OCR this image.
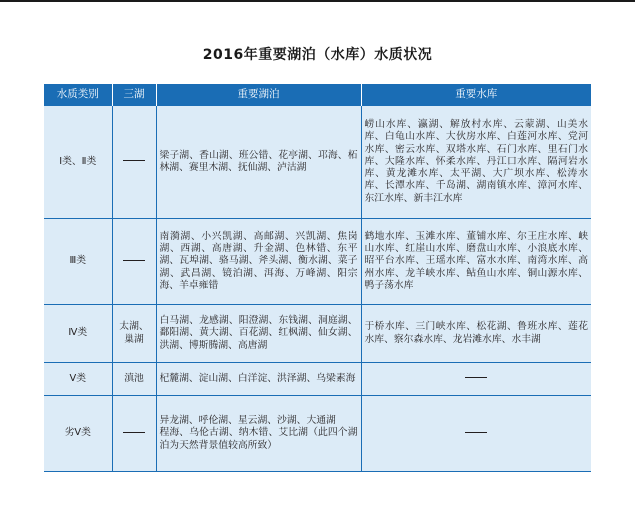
2016年重要湖泊（水库）水质状况
水质类别	三湖	重要湖泊	重要水库
Ⅰ类、Ⅱ类		梁子湖、香山湖、班公错、花亭湖、邛海、柘林湖、赛里木湖、抚仙湖、泸沽湖	崂山水库、瀛湖、解放村水库、云蒙湖、山美水库、白龟山水库、大伙房水库、白莲河水库、党河水库、密云水库、双塔水库、石门水库、里石门水库、大隆水库、怀柔水库、丹江口水库、隔河岩水库、黄龙滩水库、太平湖、大广坝水库、松涛水库、长潭水库、千岛湖、湖南镇水库、漳河水库、东江水库、新丰江水库
Ⅲ类		南漪湖、小兴凯湖、高邮湖、兴凯湖、焦岗湖、西湖、高唐湖、升金湖、色林错、东平湖、瓦埠湖、骆马湖、斧头湖、衡水湖、菜子湖、武昌湖、镜泊湖、洱海、万峰湖、阳宗海、羊卓雍错	鹤地水库、玉滩水库、董铺水库、尔王庄水库、峡山水库、红崖山水库、磨盘山水库、小浪底水库、昭平台水库、王瑶水库、富水水库、南湾水库、高州水库、龙羊峡水库、鲇鱼山水库、铜山源水库、鸭子荡水库
Ⅳ类	太湖、巢湖	白马湖、龙感湖、阳澄湖、东钱湖、洞庭湖、鄱阳湖、黄大湖、百花湖、红枫湖、仙女湖、洪湖、博斯腾湖、高唐湖	于桥水库、三门峡水库、松花湖、鲁班水库、莲花水库、察尔森水库、龙岩滩水库、水丰湖
Ⅴ类	滇池	杞麓湖、淀山湖、白洋淀、洪泽湖、乌梁素海	
劣Ⅴ类		异龙湖、呼伦湖、星云湖、沙湖、大通湖
程海、乌伦古湖、纳木错、艾比湖（此四个湖泊为天然背景值较高所致）	
